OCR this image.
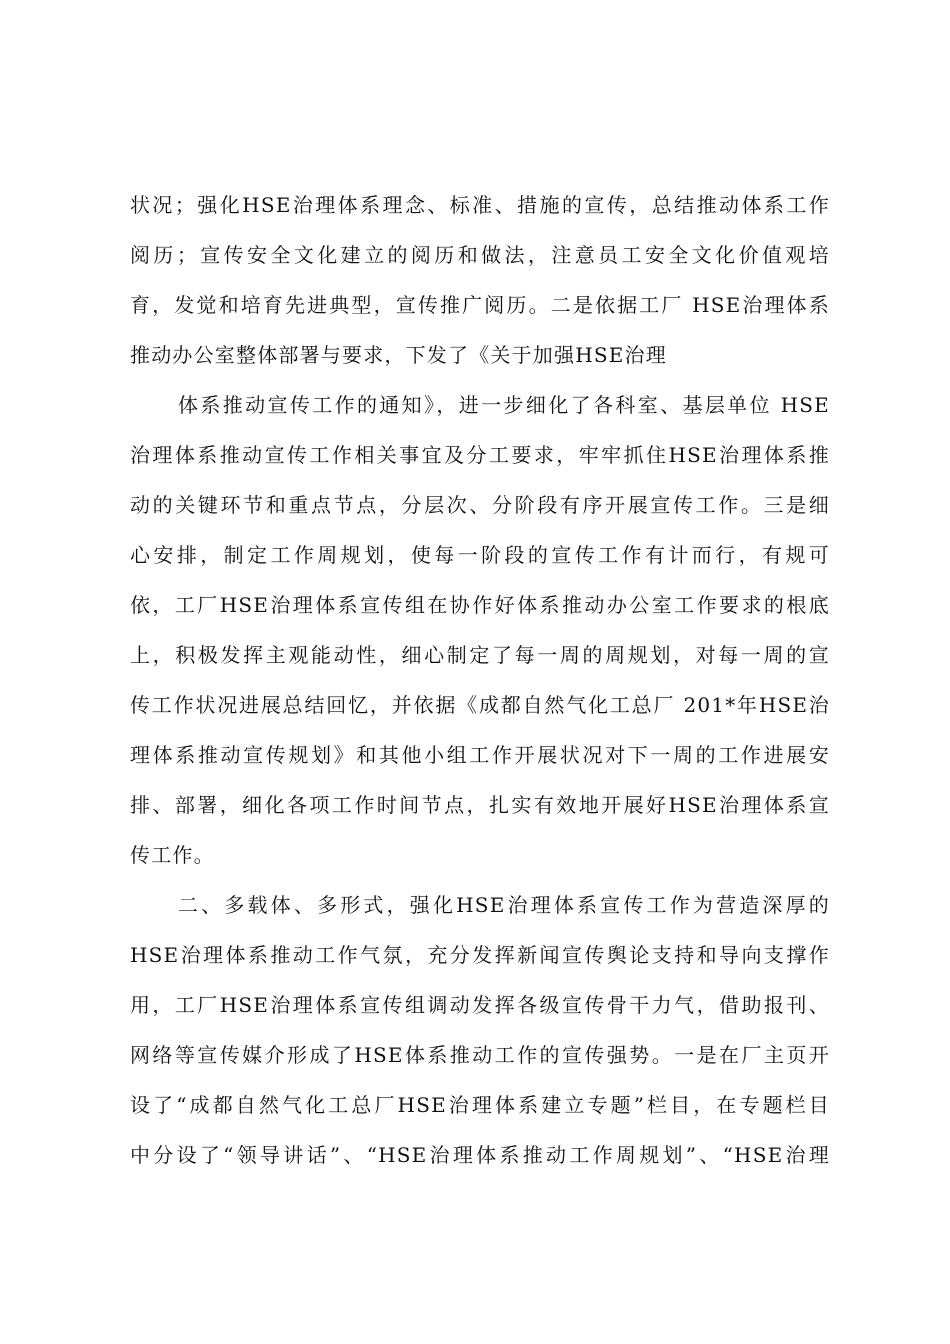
状况；强化HSE治理体系理念、标准、措施的宣传，总结推动体系工作
阅历；宣传安全文化建立的阅历和做法，注意员工安全文化价值观培
育，发觉和培育先进典型，宣传推广阅历。二是依据工厂 HSE治理体系
推动办公室整体部署与要求，下发了《关于加强HSE治理
体系推动宣传工作的通知》，进一步细化了各科室、基层单位 HSE
治理体系推动宣传工作相关事宜及分工要求，牢牢抓住HSE治理体系推
动的关键环节和重点节点，分层次、分阶段有序开展宣传工作。三是细
心安排，制定工作周规划，使每一阶段的宣传工作有计而行，有规可
依，工厂HSE治理体系宣传组在协作好体系推动办公室工作要求的根底
上，积极发挥主观能动性，细心制定了每一周的周规划，对每一周的宣
传工作状况进展总结回忆，并依据《成都自然气化工总厂 201*年HSE治
理体系推动宣传规划》和其他小组工作开展状况对下一周的工作进展安
排、部署，细化各项工作时间节点，扎实有效地开展好HSE治理体系宣
传工作。
二、多载体、多形式，强化HSE治理体系宣传工作为营造深厚的
HSE治理体系推动工作气氛，充分发挥新闻宣传舆论支持和导向支撑作
用，工厂HSE治理体系宣传组调动发挥各级宣传骨干力气，借助报刊、
网络等宣传媒介形成了HSE体系推动工作的宣传强势。一是在厂主页开
设了“成都自然气化工总厂HSE治理体系建立专题”栏目，在专题栏目
中分设了“领导讲话”、“HSE治理体系推动工作周规划”、“HSE治理
